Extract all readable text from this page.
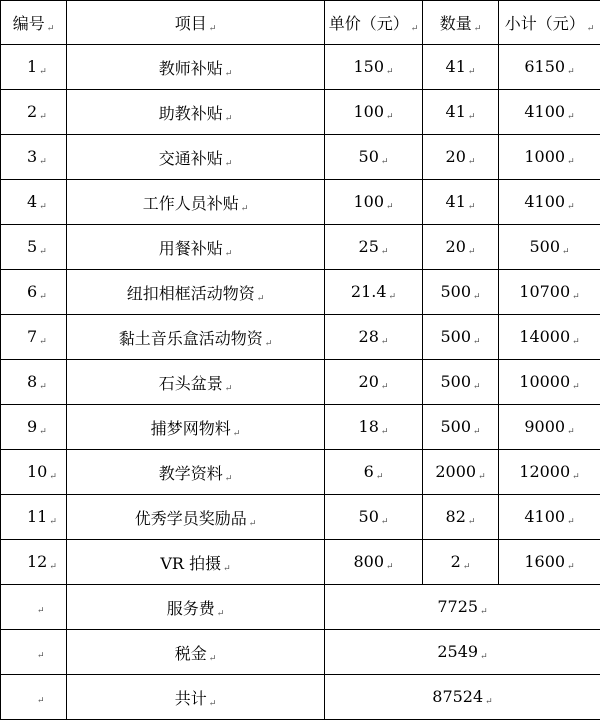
编号 ↵	项目 ↵	单价（元） ↵	数量 ↵	小计（元） ↵
1 ↵	教师补贴 ↵	150 ↵	41 ↵	6150 ↵
2 ↵	助教补贴 ↵	100 ↵	41 ↵	4100 ↵
3 ↵	交通补贴 ↵	50 ↵	20 ↵	1000 ↵
4 ↵	工作人员补贴 ↵	100 ↵	41 ↵	4100 ↵
5 ↵	用餐补贴 ↵	25 ↵	20 ↵	500 ↵
6 ↵	纽扣相框活动物资 ↵	21.4 ↵	500 ↵	10700 ↵
7 ↵	黏土音乐盒活动物资 ↵	28 ↵	500 ↵	14000 ↵
8 ↵	石头盆景 ↵	20 ↵	500 ↵	10000 ↵
9 ↵	捕梦网物料 ↵	18 ↵	500 ↵	9000 ↵
10 ↵	教学资料 ↵	6 ↵	2000 ↵	12000 ↵
11 ↵	优秀学员奖励品 ↵	50 ↵	82 ↵	4100 ↵
12 ↵	VR 拍摄 ↵	800 ↵	2 ↵	1600 ↵
↵	服务费 ↵	7725 ↵		
↵	税金 ↵	2549 ↵		
↵	共计 ↵	87524 ↵		
